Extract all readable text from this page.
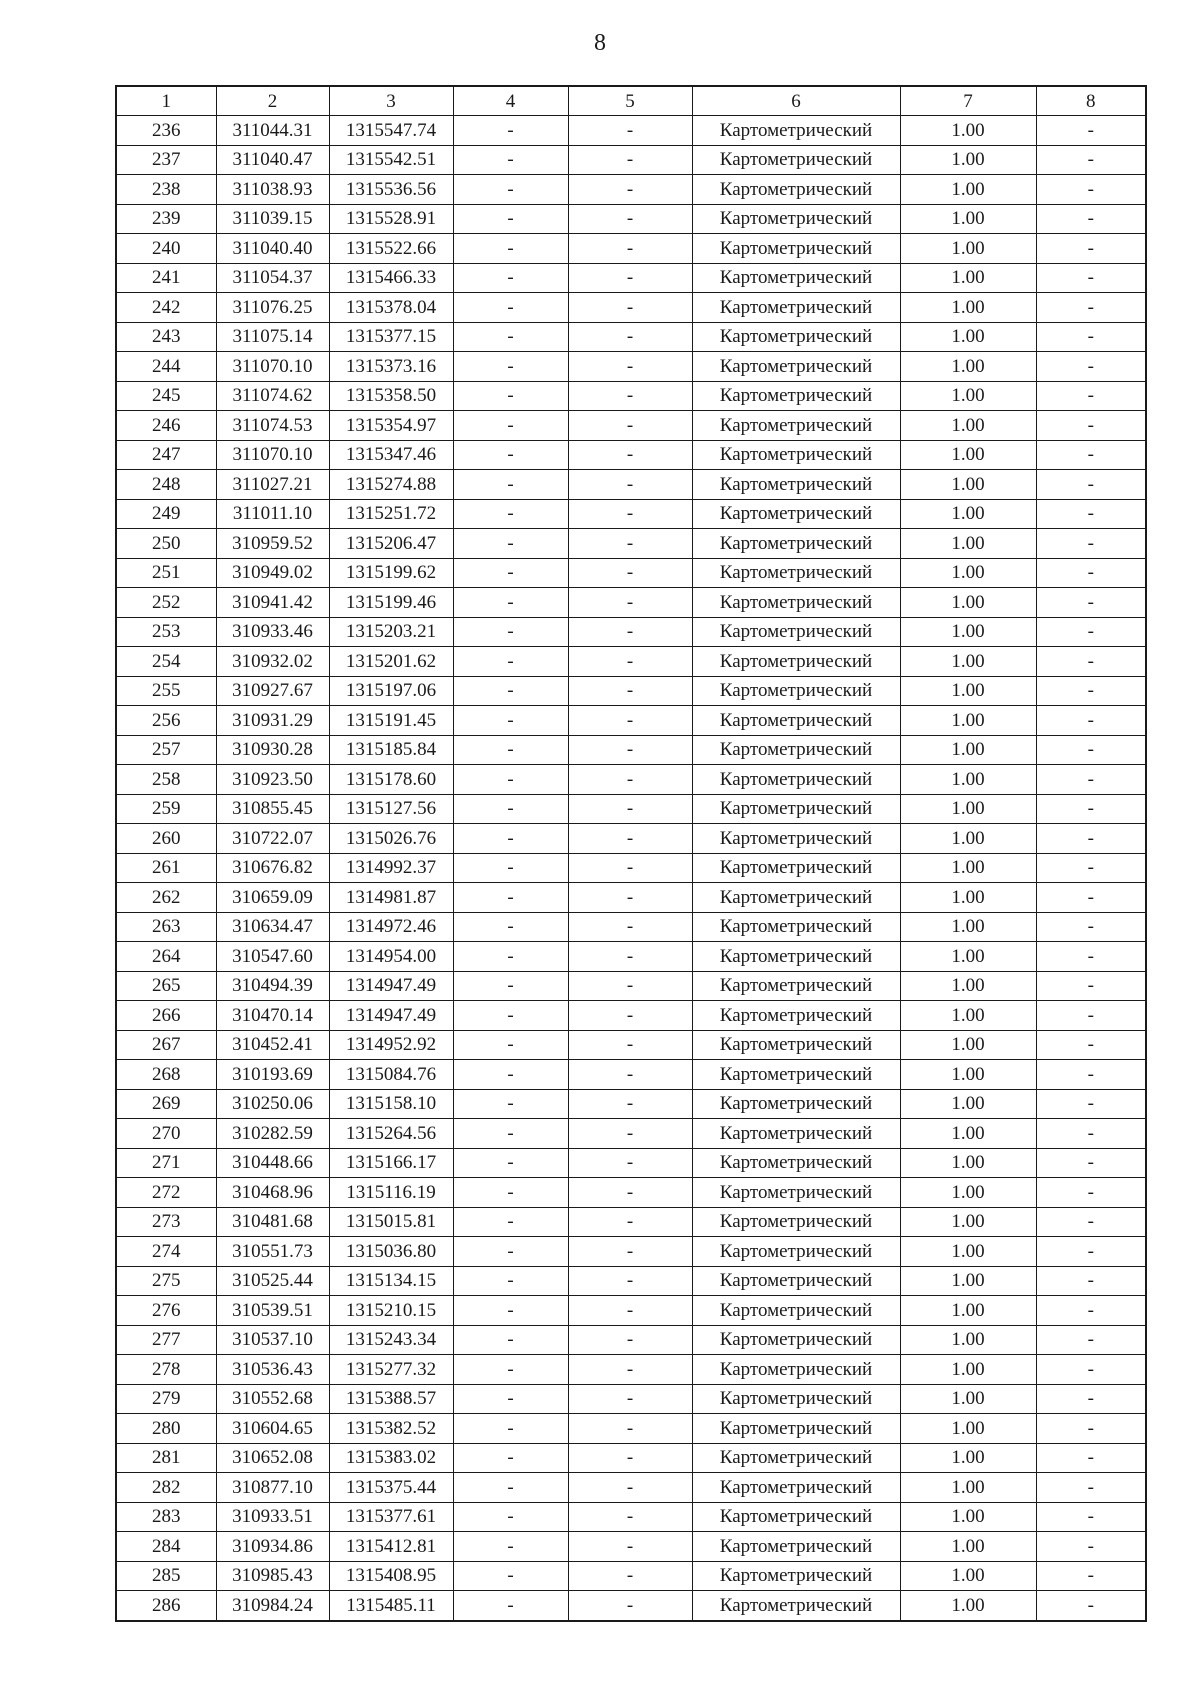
8
1	2	3	4	5	6	7	8
236	311044.31	1315547.74	-	-	Картометрический	1.00	-
237	311040.47	1315542.51	-	-	Картометрический	1.00	-
238	311038.93	1315536.56	-	-	Картометрический	1.00	-
239	311039.15	1315528.91	-	-	Картометрический	1.00	-
240	311040.40	1315522.66	-	-	Картометрический	1.00	-
241	311054.37	1315466.33	-	-	Картометрический	1.00	-
242	311076.25	1315378.04	-	-	Картометрический	1.00	-
243	311075.14	1315377.15	-	-	Картометрический	1.00	-
244	311070.10	1315373.16	-	-	Картометрический	1.00	-
245	311074.62	1315358.50	-	-	Картометрический	1.00	-
246	311074.53	1315354.97	-	-	Картометрический	1.00	-
247	311070.10	1315347.46	-	-	Картометрический	1.00	-
248	311027.21	1315274.88	-	-	Картометрический	1.00	-
249	311011.10	1315251.72	-	-	Картометрический	1.00	-
250	310959.52	1315206.47	-	-	Картометрический	1.00	-
251	310949.02	1315199.62	-	-	Картометрический	1.00	-
252	310941.42	1315199.46	-	-	Картометрический	1.00	-
253	310933.46	1315203.21	-	-	Картометрический	1.00	-
254	310932.02	1315201.62	-	-	Картометрический	1.00	-
255	310927.67	1315197.06	-	-	Картометрический	1.00	-
256	310931.29	1315191.45	-	-	Картометрический	1.00	-
257	310930.28	1315185.84	-	-	Картометрический	1.00	-
258	310923.50	1315178.60	-	-	Картометрический	1.00	-
259	310855.45	1315127.56	-	-	Картометрический	1.00	-
260	310722.07	1315026.76	-	-	Картометрический	1.00	-
261	310676.82	1314992.37	-	-	Картометрический	1.00	-
262	310659.09	1314981.87	-	-	Картометрический	1.00	-
263	310634.47	1314972.46	-	-	Картометрический	1.00	-
264	310547.60	1314954.00	-	-	Картометрический	1.00	-
265	310494.39	1314947.49	-	-	Картометрический	1.00	-
266	310470.14	1314947.49	-	-	Картометрический	1.00	-
267	310452.41	1314952.92	-	-	Картометрический	1.00	-
268	310193.69	1315084.76	-	-	Картометрический	1.00	-
269	310250.06	1315158.10	-	-	Картометрический	1.00	-
270	310282.59	1315264.56	-	-	Картометрический	1.00	-
271	310448.66	1315166.17	-	-	Картометрический	1.00	-
272	310468.96	1315116.19	-	-	Картометрический	1.00	-
273	310481.68	1315015.81	-	-	Картометрический	1.00	-
274	310551.73	1315036.80	-	-	Картометрический	1.00	-
275	310525.44	1315134.15	-	-	Картометрический	1.00	-
276	310539.51	1315210.15	-	-	Картометрический	1.00	-
277	310537.10	1315243.34	-	-	Картометрический	1.00	-
278	310536.43	1315277.32	-	-	Картометрический	1.00	-
279	310552.68	1315388.57	-	-	Картометрический	1.00	-
280	310604.65	1315382.52	-	-	Картометрический	1.00	-
281	310652.08	1315383.02	-	-	Картометрический	1.00	-
282	310877.10	1315375.44	-	-	Картометрический	1.00	-
283	310933.51	1315377.61	-	-	Картометрический	1.00	-
284	310934.86	1315412.81	-	-	Картометрический	1.00	-
285	310985.43	1315408.95	-	-	Картометрический	1.00	-
286	310984.24	1315485.11	-	-	Картометрический	1.00	-
